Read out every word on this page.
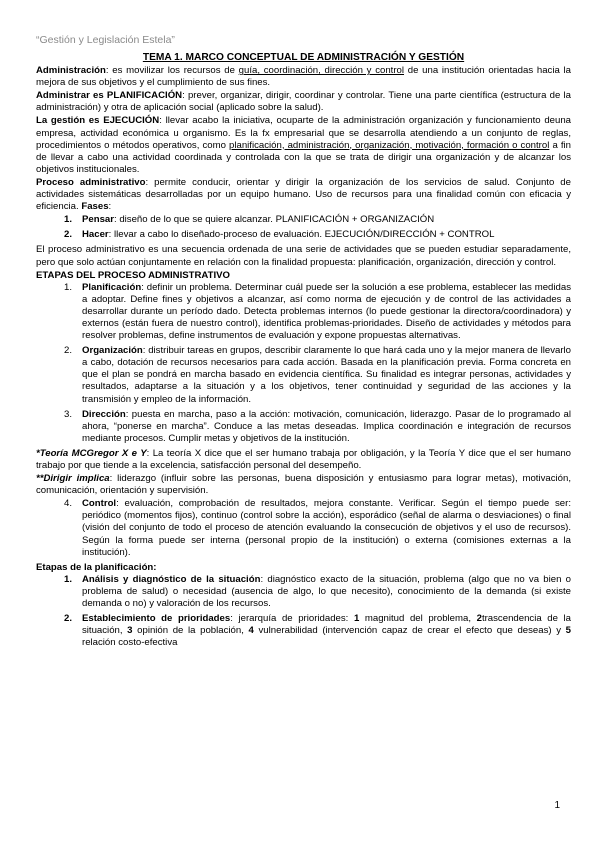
“Gestión y Legislación Estela”
TEMA 1. MARCO CONCEPTUAL DE ADMINISTRACIÓN Y GESTIÓN

Administración: es movilizar los recursos de guía, coordinación, dirección y control de una institución orientadas hacia la mejora de sus objetivos y el cumplimiento de sus fines.

Administrar es PLANIFICACIÓN: prever, organizar, dirigir, coordinar y controlar. Tiene una parte científica (estructura de la administración) y otra de aplicación social (aplicado sobre la salud).

La gestión es EJECUCIÓN: llevar acabo la iniciativa, ocuparte de la administración organización y funcionamiento deuna empresa, actividad económica u organismo. Es la fx empresarial que se desarrolla atendiendo a un conjunto de reglas, procedimientos o métodos operativos, como planificación, administración, organización, motivación, formación o control a fin de llevar a cabo una actividad coordinada y controlada con la que se trata de dirigir una organización y de alcanzar los objetivos institucionales.

Proceso administrativo: permite conducir, orientar y dirigir la organización de los servicios de salud. Conjunto de actividades sistemáticas desarrolladas por un equipo humano. Uso de recursos para una finalidad común con eficacia y eficiencia. Fases:

1. Pensar: diseño de lo que se quiere alcanzar. PLANIFICACIÓN + ORGANIZACIÓN
2. Hacer: llevar a cabo lo diseñado-proceso de evaluación. EJECUCIÓN/DIRECCIÓN + CONTROL

El proceso administrativo es una secuencia ordenada de una serie de actividades que se pueden estudiar separadamente, pero que solo actúan conjuntamente en relación con la finalidad propuesta: planificación, organización, dirección y control.

ETAPAS DEL PROCESO ADMINISTRATIVO
1. Planificación: definir un problema. Determinar cuál puede ser la solución a ese problema, establecer las medidas a adoptar. Define fines y objetivos a alcanzar, así como norma de ejecución y de control de las actividades a desarrollar durante un período dado. Detecta problemas internos (lo puede gestionar la directora/coordinadora) y externos (están fuera de nuestro control), identifica problemas-prioridades. Diseño de actividades y métodos para resolver problemas, define instrumentos de evaluación y expone propuestas alternativas.
2. Organización: distribuir tareas en grupos, describir claramente lo que hará cada uno y la mejor manera de llevarlo a cabo, dotación de recursos necesarios para cada acción. Basada en la planificación previa. Forma concreta en que el plan se pondrá en marcha basado en evidencia científica. Su finalidad es integrar personas, actividades y resultados, adaptarse a la situación y a los objetivos, tener continuidad y seguridad de las acciones y la transmisión y empleo de la información.
3. Dirección: puesta en marcha, paso a la acción: motivación, comunicación, liderazgo. Pasar de lo programado al ahora, “ponerse en marcha”. Conduce a las metas deseadas. Implica coordinación e integración de recursos mediante procesos. Cumplir metas y objetivos de la institución.

*Teoría MCGregor X e Y: La teoría X dice que el ser humano trabaja por obligación, y la Teoría Y dice que el ser humano trabajo por que tiende a la excelencia, satisfacción personal del desempeño.

**Dirigir implica: liderazgo (influir sobre las personas, buena disposición y entusiasmo para lograr metas), motivación, comunicación, orientación y supervisión.

4. Control: evaluación, comprobación de resultados, mejora constante. Verificar. Según el tiempo puede ser: periódico (momentos fijos), continuo (control sobre la acción), esporádico (señal de alarma o desviaciones) o final (visión del conjunto de todo el proceso de atención evaluando la consecución de objetivos y el uso de recursos). Según la forma puede ser interna (personal propio de la institución) o externa (comisiones externas a la institución).
Etapas de la planificación:
1. Análisis y diagnóstico de la situación: diagnóstico exacto de la situación, problema (algo que no va bien o problema de salud) o necesidad (ausencia de algo, lo que necesito), conocimiento de la demanda (si existe demanda o no) y valoración de los recursos.
2. Establecimiento de prioridades: jerarquía de prioridades: 1 magnitud del problema, 2trascendencia de la situación, 3 opinión de la población, 4 vulnerabilidad (intervención capaz de crear el efecto que deseas) y 5 relación costo-efectiva
1
